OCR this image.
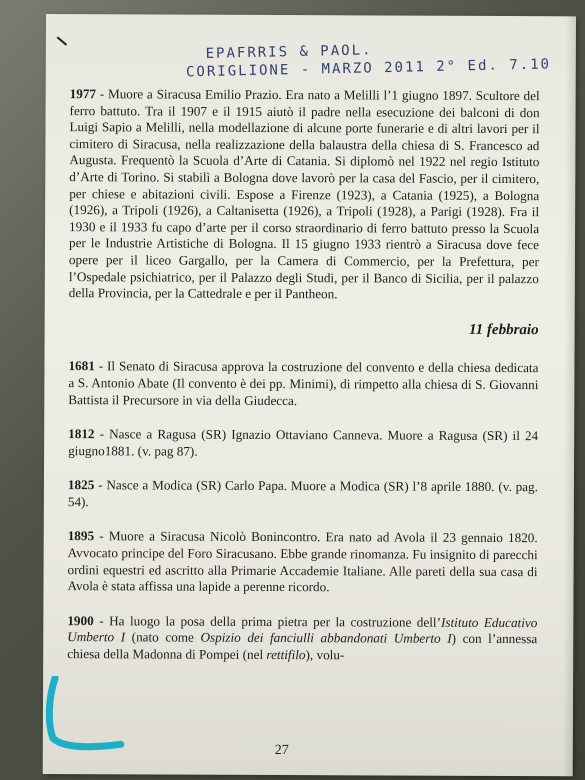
EPAFRRIS & PAOL.
CORIGLIONE - MARZO 2011 2° Ed. 7.10

1977 - Muore a Siracusa Emilio Prazio. Era nato a Melilli l’1 giugno 1897. Scultore del ferro battuto. Tra il 1907 e il 1915 aiutò il padre nella esecuzione dei balconi di don Luigi Sapio a Melilli, nella modellazione di alcune porte funerarie e di altri lavori per il cimitero di Siracusa, nella realizzazione della balaustra della chiesa di S. Francesco ad Augusta. Frequentò la Scuola d’Arte di Catania. Si diplomò nel 1922 nel regio Istituto d’Arte di Torino. Si stabilì a Bologna dove lavorò per la casa del Fascio, per il cimitero, per chiese e abitazioni civili. Espose a Firenze (1923), a Catania (1925), a Bologna (1926), a Tripoli (1926), a Caltanisetta (1926), a Tripoli (1928), a Parigi (1928). Fra il 1930 e il 1933 fu capo d’arte per il corso straordinario di ferro battuto presso la Scuola per le Industrie Artistiche di Bologna. Il 15 giugno 1933 rientrò a Siracusa dove fece opere per il liceo Gargallo, per la Camera di Commercio, per la Prefettura, per l’Ospedale psichiatrico, per il Palazzo degli Studi, per il Banco di Sicilia, per il palazzo della Provincia, per la Cattedrale e per il Pantheon.

11 febbraio

1681 - Il Senato di Siracusa approva la costruzione del convento e della chiesa dedicata a S. Antonio Abate (Il convento è dei pp. Minimi), di rimpetto alla chiesa di S. Giovanni Battista il Precursore in via della Giudecca.

1812 - Nasce a Ragusa (SR) Ignazio Ottaviano Canneva. Muore a Ragusa (SR) il 24 giugno1881. (v. pag 87).

1825 - Nasce a Modica (SR) Carlo Papa. Muore a Modica (SR) l’8 aprile 1880. (v. pag. 54).

1895 - Muore a Siracusa Nicolò Bonincontro. Era nato ad Avola il 23 gennaio 1820. Avvocato principe del Foro Siracusano. Ebbe grande rinomanza. Fu insignito di parecchi ordini equestri ed ascritto alla Primarie Accademie Italiane. Alle pareti della sua casa di Avola è stata affissa una lapide a perenne ricordo.

1900 - Ha luogo la posa della prima pietra per la costruzione dell’Istituto Educativo Umberto I (nato come Ospizio dei fanciulli abbandonati Umberto I) con l’annessa chiesa della Madonna di Pompei (nel rettifilo), volu-

27
